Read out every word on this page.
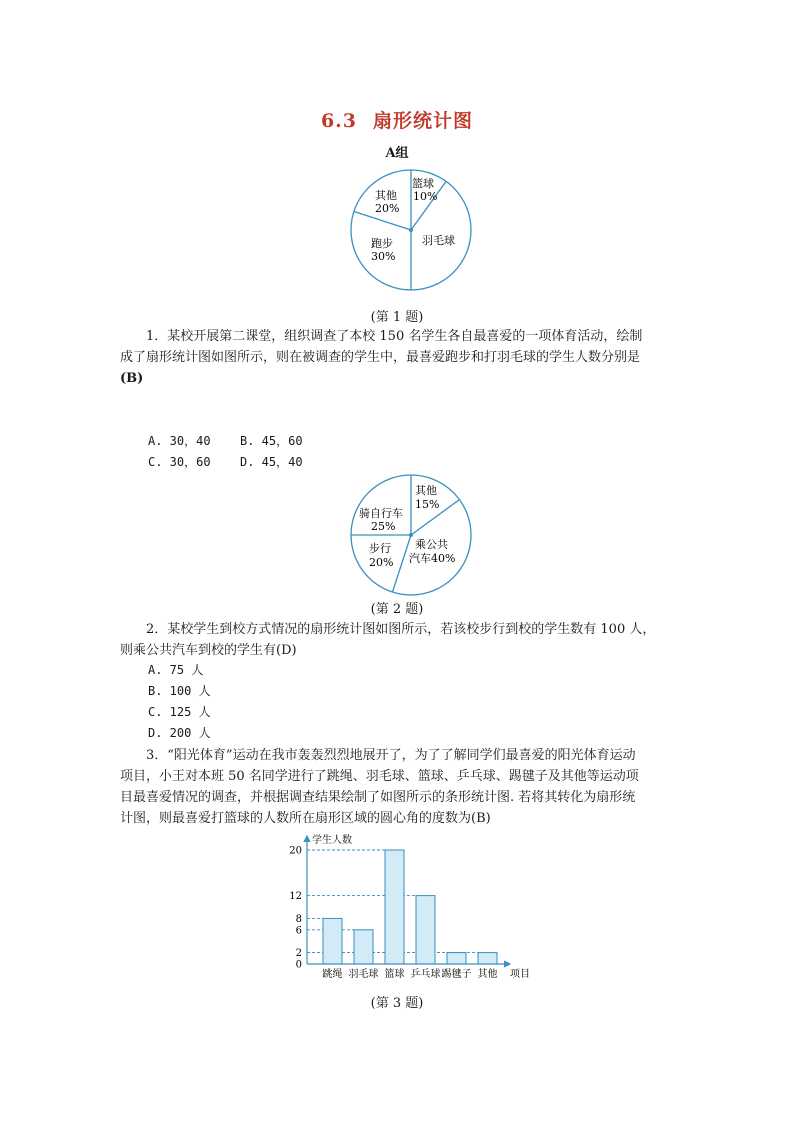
6.3 扇形统计图
A组
篮球
10%
其他
20%
跑步
30%
羽毛球
(第 1 题)
1．某校开展第二课堂，组织调查了本校 150 名学生各自最喜爱的一项体育活动，绘制
成了扇形统计图如图所示，则在被调查的学生中，最喜爱跑步和打羽毛球的学生人数分别是
(B)
A. 30，40 B. 45，60
C. 30，60 D. 45，40
其他
15%
骑自行车
25%
步行
20%
乘公共
汽车40%
(第 2 题)
2．某校学生到校方式情况的扇形统计图如图所示，若该校步行到校的学生数有 100 人，
则乘公共汽车到校的学生有(D)
A. 75 人
B. 100 人
C. 125 人
D. 200 人
3．“阳光体育”运动在我市轰轰烈烈地展开了，为了了解同学们最喜爱的阳光体育运动
项目，小王对本班 50 名同学进行了跳绳、羽毛球、篮球、乒乓球、踢毽子及其他等运动项
目最喜爱情况的调查，并根据调查结果绘制了如图所示的条形统计图. 若将其转化为扇形统
计图，则最喜爱打篮球的人数所在扇形区域的圆心角的度数为(B)
学生人数
项目
0
2
6
8
12
20
跳绳 羽毛球 篮球 乒乓球 踢毽子 其他
(第 3 题)
